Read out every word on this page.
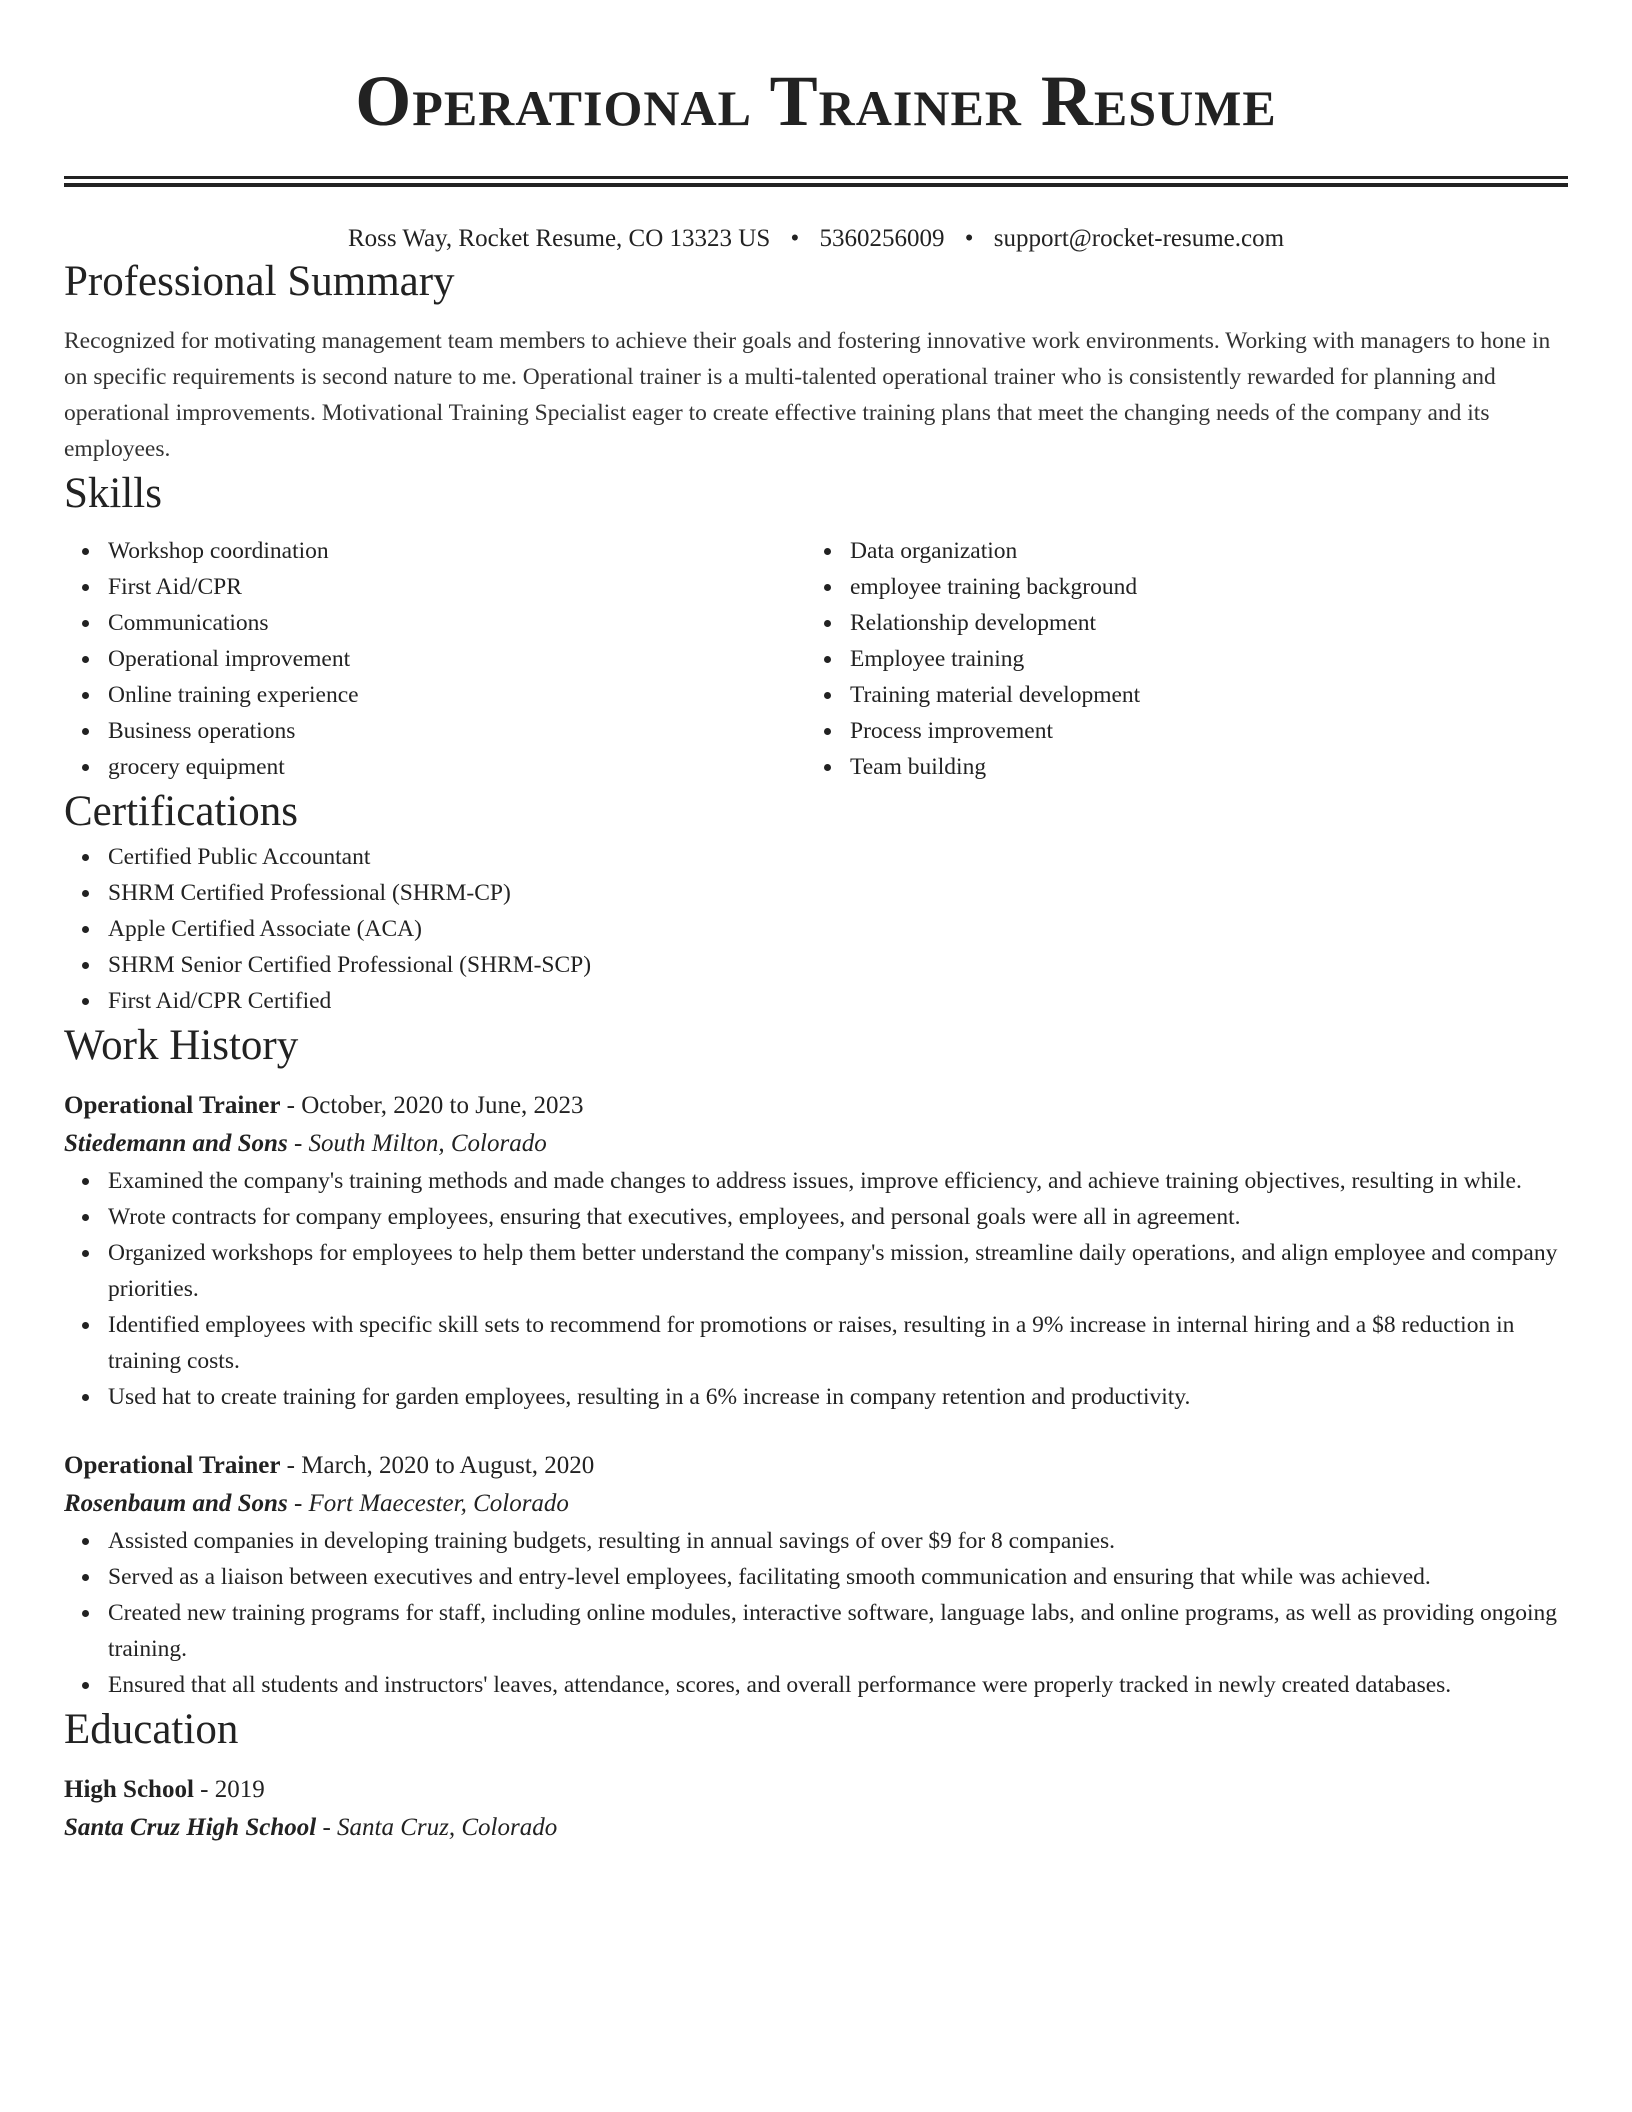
Operational Trainer Resume
Ross Way, Rocket Resume, CO 13323 US • 5360256009 • support@rocket-resume.com
Professional Summary
Recognized for motivating management team members to achieve their goals and fostering innovative work environments. Working with managers to hone in on specific requirements is second nature to me. Operational trainer is a multi-talented operational trainer who is consistently rewarded for planning and operational improvements. Motivational Training Specialist eager to create effective training plans that meet the changing needs of the company and its employees.
Skills
Workshop coordination
First Aid/CPR
Communications
Operational improvement
Online training experience
Business operations
grocery equipment
Data organization
employee training background
Relationship development
Employee training
Training material development
Process improvement
Team building
Certifications
Certified Public Accountant
SHRM Certified Professional (SHRM-CP)
Apple Certified Associate (ACA)
SHRM Senior Certified Professional (SHRM-SCP)
First Aid/CPR Certified
Work History
Operational Trainer - October, 2020 to June, 2023
Stiedemann and Sons - South Milton, Colorado
Examined the company's training methods and made changes to address issues, improve efficiency, and achieve training objectives, resulting in while.
Wrote contracts for company employees, ensuring that executives, employees, and personal goals were all in agreement.
Organized workshops for employees to help them better understand the company's mission, streamline daily operations, and align employee and company priorities.
Identified employees with specific skill sets to recommend for promotions or raises, resulting in a 9% increase in internal hiring and a $8 reduction in training costs.
Used hat to create training for garden employees, resulting in a 6% increase in company retention and productivity.
Operational Trainer - March, 2020 to August, 2020
Rosenbaum and Sons - Fort Maecester, Colorado
Assisted companies in developing training budgets, resulting in annual savings of over $9 for 8 companies.
Served as a liaison between executives and entry-level employees, facilitating smooth communication and ensuring that while was achieved.
Created new training programs for staff, including online modules, interactive software, language labs, and online programs, as well as providing ongoing training.
Ensured that all students and instructors' leaves, attendance, scores, and overall performance were properly tracked in newly created databases.
Education
High School - 2019
Santa Cruz High School - Santa Cruz, Colorado
